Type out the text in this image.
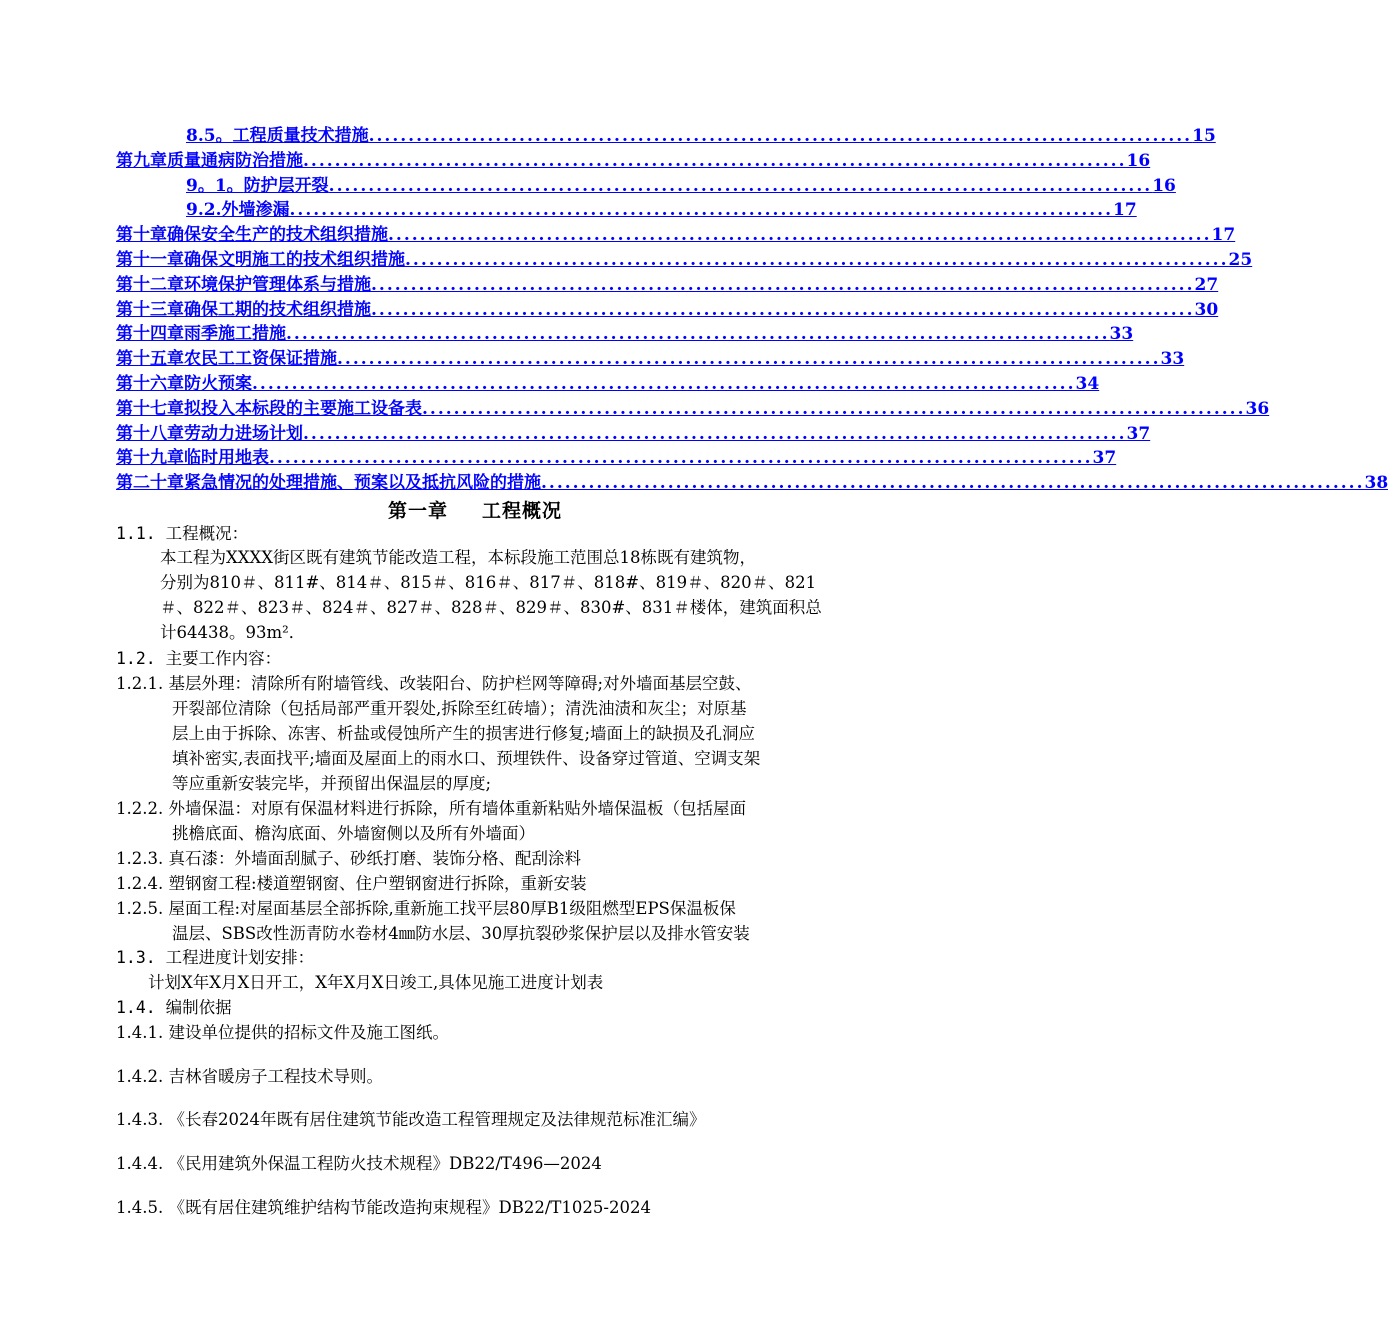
8.5。 工程质量技术措施 ........................................................................................................ 15
第九章 质量通病防治措施 ........................................................................................................ 16
9。1。 防护层开裂 ........................................................................................................ 16
9.2. 外墙渗漏 ........................................................................................................ 17
第十章 确保安全生产的技术组织措施 ........................................................................................................ 17
第十一章 确保文明施工的技术组织措施 ........................................................................................................ 25
第十二章 环境保护管理体系与措施 ........................................................................................................ 27
第十三章 确保工期的技术组织措施 ........................................................................................................ 30
第十四章 雨季施工措施 ........................................................................................................ 33
第十五章 农民工工资保证措施 ........................................................................................................ 33
第十六章 防火预案 ........................................................................................................ 34
第十七章 拟投入本标段的主要施工设备表 ........................................................................................................ 36
第十八章 劳动力进场计划 ........................................................................................................ 37
第十九章 临时用地表 ........................................................................................................ 37
第二十章 紧急情况的处理措施、预案以及抵抗风险的措施 ........................................................................................................ 38
第一章 工程概况
1.1. 工程概况：
本工程为XXXX街区既有建筑节能改造工程，本标段施工范围总18栋既有建筑物，
分别为810＃、811#、814＃、815＃、816＃、817＃、818#、819＃、820＃、821
＃、822＃、823＃、824＃、827＃、828＃、829＃、830#、831＃楼体，建筑面积总
计64438。93m²．
1.2. 主要工作内容：
1.2.1. 基层外理：清除所有附墙管线、改装阳台、防护栏网等障碍;对外墙面基层空鼓、
开裂部位清除（包括局部严重开裂处,拆除至红砖墙）；清洗油渍和灰尘；对原基
层上由于拆除、冻害、析盐或侵蚀所产生的损害进行修复;墙面上的缺损及孔洞应
填补密实,表面找平;墙面及屋面上的雨水口、预埋铁件、设备穿过管道、空调支架
等应重新安装完毕，并预留出保温层的厚度;
1.2.2. 外墙保温：对原有保温材料进行拆除，所有墙体重新粘贴外墙保温板（包括屋面
挑檐底面、檐沟底面、外墙窗侧以及所有外墙面）
1.2.3. 真石漆：外墙面刮腻子、砂纸打磨、装饰分格、配刮涂料
1.2.4. 塑钢窗工程:楼道塑钢窗、住户塑钢窗进行拆除，重新安装
1.2.5. 屋面工程:对屋面基层全部拆除,重新施工找平层80厚B1级阻燃型EPS保温板保
温层、SBS改性沥青防水卷材4㎜防水层、30厚抗裂砂浆保护层以及排水管安装
1.3. 工程进度计划安排：
计划X年X月X日开工，X年X月X日竣工,具体见施工进度计划表
1.4. 编制依据
1.4.1. 建设单位提供的招标文件及施工图纸。
1.4.2. 吉林省暖房子工程技术导则。
1.4.3. 《长春2024年既有居住建筑节能改造工程管理规定及法律规范标准汇编》
1.4.4. 《民用建筑外保温工程防火技术规程》DB22/T496—2024
1.4.5. 《既有居住建筑维护结构节能改造拘束规程》DB22/T1025-2024
